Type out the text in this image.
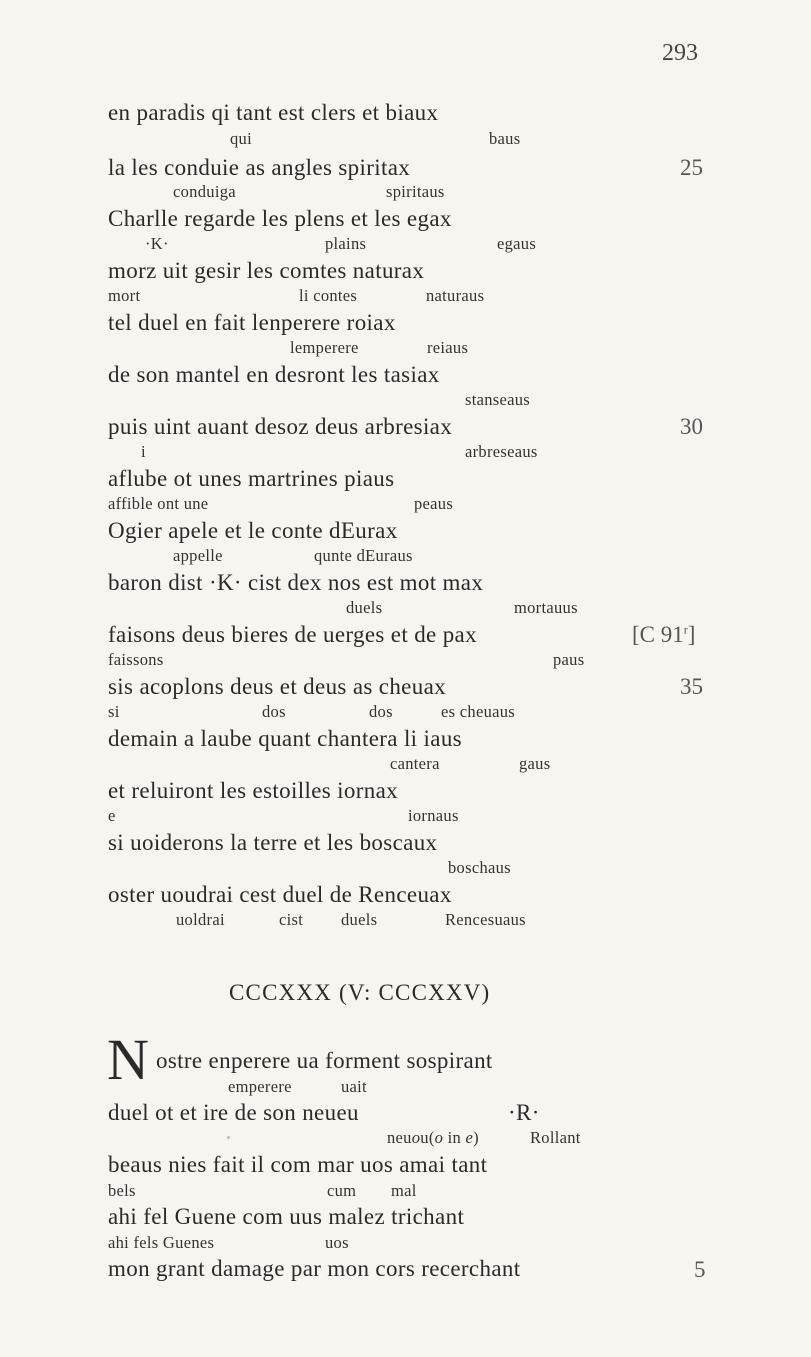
293
en paradis qi tant est clers et biaux
qui	baus
la les conduie as angles spiritax	25
conduiga	spiritaus
Charlle regarde les plens et les egax
·K·	plains	egaus
morz uit gesir les comtes naturax
mort	li contes	naturaus
tel duel en fait lenperere roiax
lemperere	reiaus
de son mantel en desront les tasiax
stanseaus
puis uint auant desoz deus arbresiax	30
i	arbreseaus
aflube ot unes martrines piaus
affible ont une	peaus
Ogier apele et le conte dEurax
appelle	qunte dEuraus
baron dist ·K· cist dex nos est mot max
duels	mortauus
faisons deus bieres de uerges et de pax	[C 91$^r$]
faissons	paus
sis acoplons deus et deus as cheuax	35
si	dos	dos	es cheuaus
demain a laube quant chantera li iaus
cantera	gaus
et reluiront les estoilles iornax
e	iornaus
si uoiderons la terre et les boscaux
boschaus
oster uoudrai cest duel de Renceuax
uoldrai	cist duels	Rencesuaus
CCCXXX (V: CCCXXV)
N ostre enperere ua forment sospirant
emperere	uait
duel ot et ire de son neueu	·R·
neuou(o in e)	Rollant
beaus nies fait il com mar uos amai tant
bels	cum mal
ahi fel Guene com uus malez trichant
ahi fels Guenes	uos
mon grant damage par mon cors recerchant	5
